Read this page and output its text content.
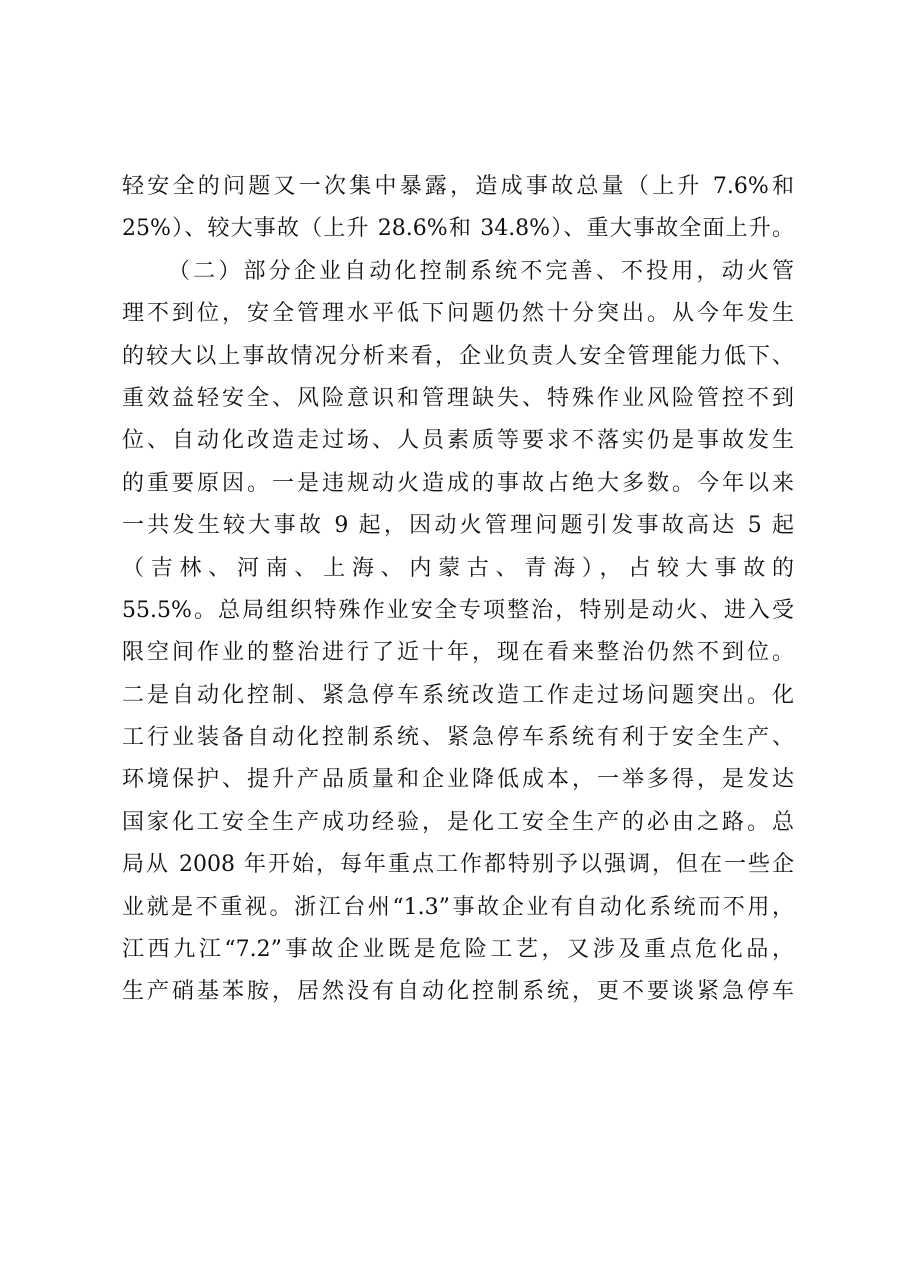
轻安全的问题又一次集中暴露，造成事故总量（上升 7.6%和
25%）、较大事故（上升 28.6%和 34.8%）、重大事故全面上升。
（二）部分企业自动化控制系统不完善、不投用，动火管
理不到位，安全管理水平低下问题仍然十分突出。从今年发生
的较大以上事故情况分析来看，企业负责人安全管理能力低下、
重效益轻安全、风险意识和管理缺失、特殊作业风险管控不到
位、自动化改造走过场、人员素质等要求不落实仍是事故发生
的重要原因。一是违规动火造成的事故占绝大多数。今年以来
一共发生较大事故 9 起，因动火管理问题引发事故高达 5 起
（吉林、河南、上海、内蒙古、青海），占较大事故的
55.5%。总局组织特殊作业安全专项整治，特别是动火、进入受
限空间作业的整治进行了近十年，现在看来整治仍然不到位。
二是自动化控制、紧急停车系统改造工作走过场问题突出。化
工行业装备自动化控制系统、紧急停车系统有利于安全生产、
环境保护、提升产品质量和企业降低成本，一举多得，是发达
国家化工安全生产成功经验，是化工安全生产的必由之路。总
局从 2008 年开始，每年重点工作都特别予以强调，但在一些企
业就是不重视。浙江台州“1.3”事故企业有自动化系统而不用，
江西九江“7.2”事故企业既是危险工艺，又涉及重点危化品，
生产硝基苯胺，居然没有自动化控制系统，更不要谈紧急停车
